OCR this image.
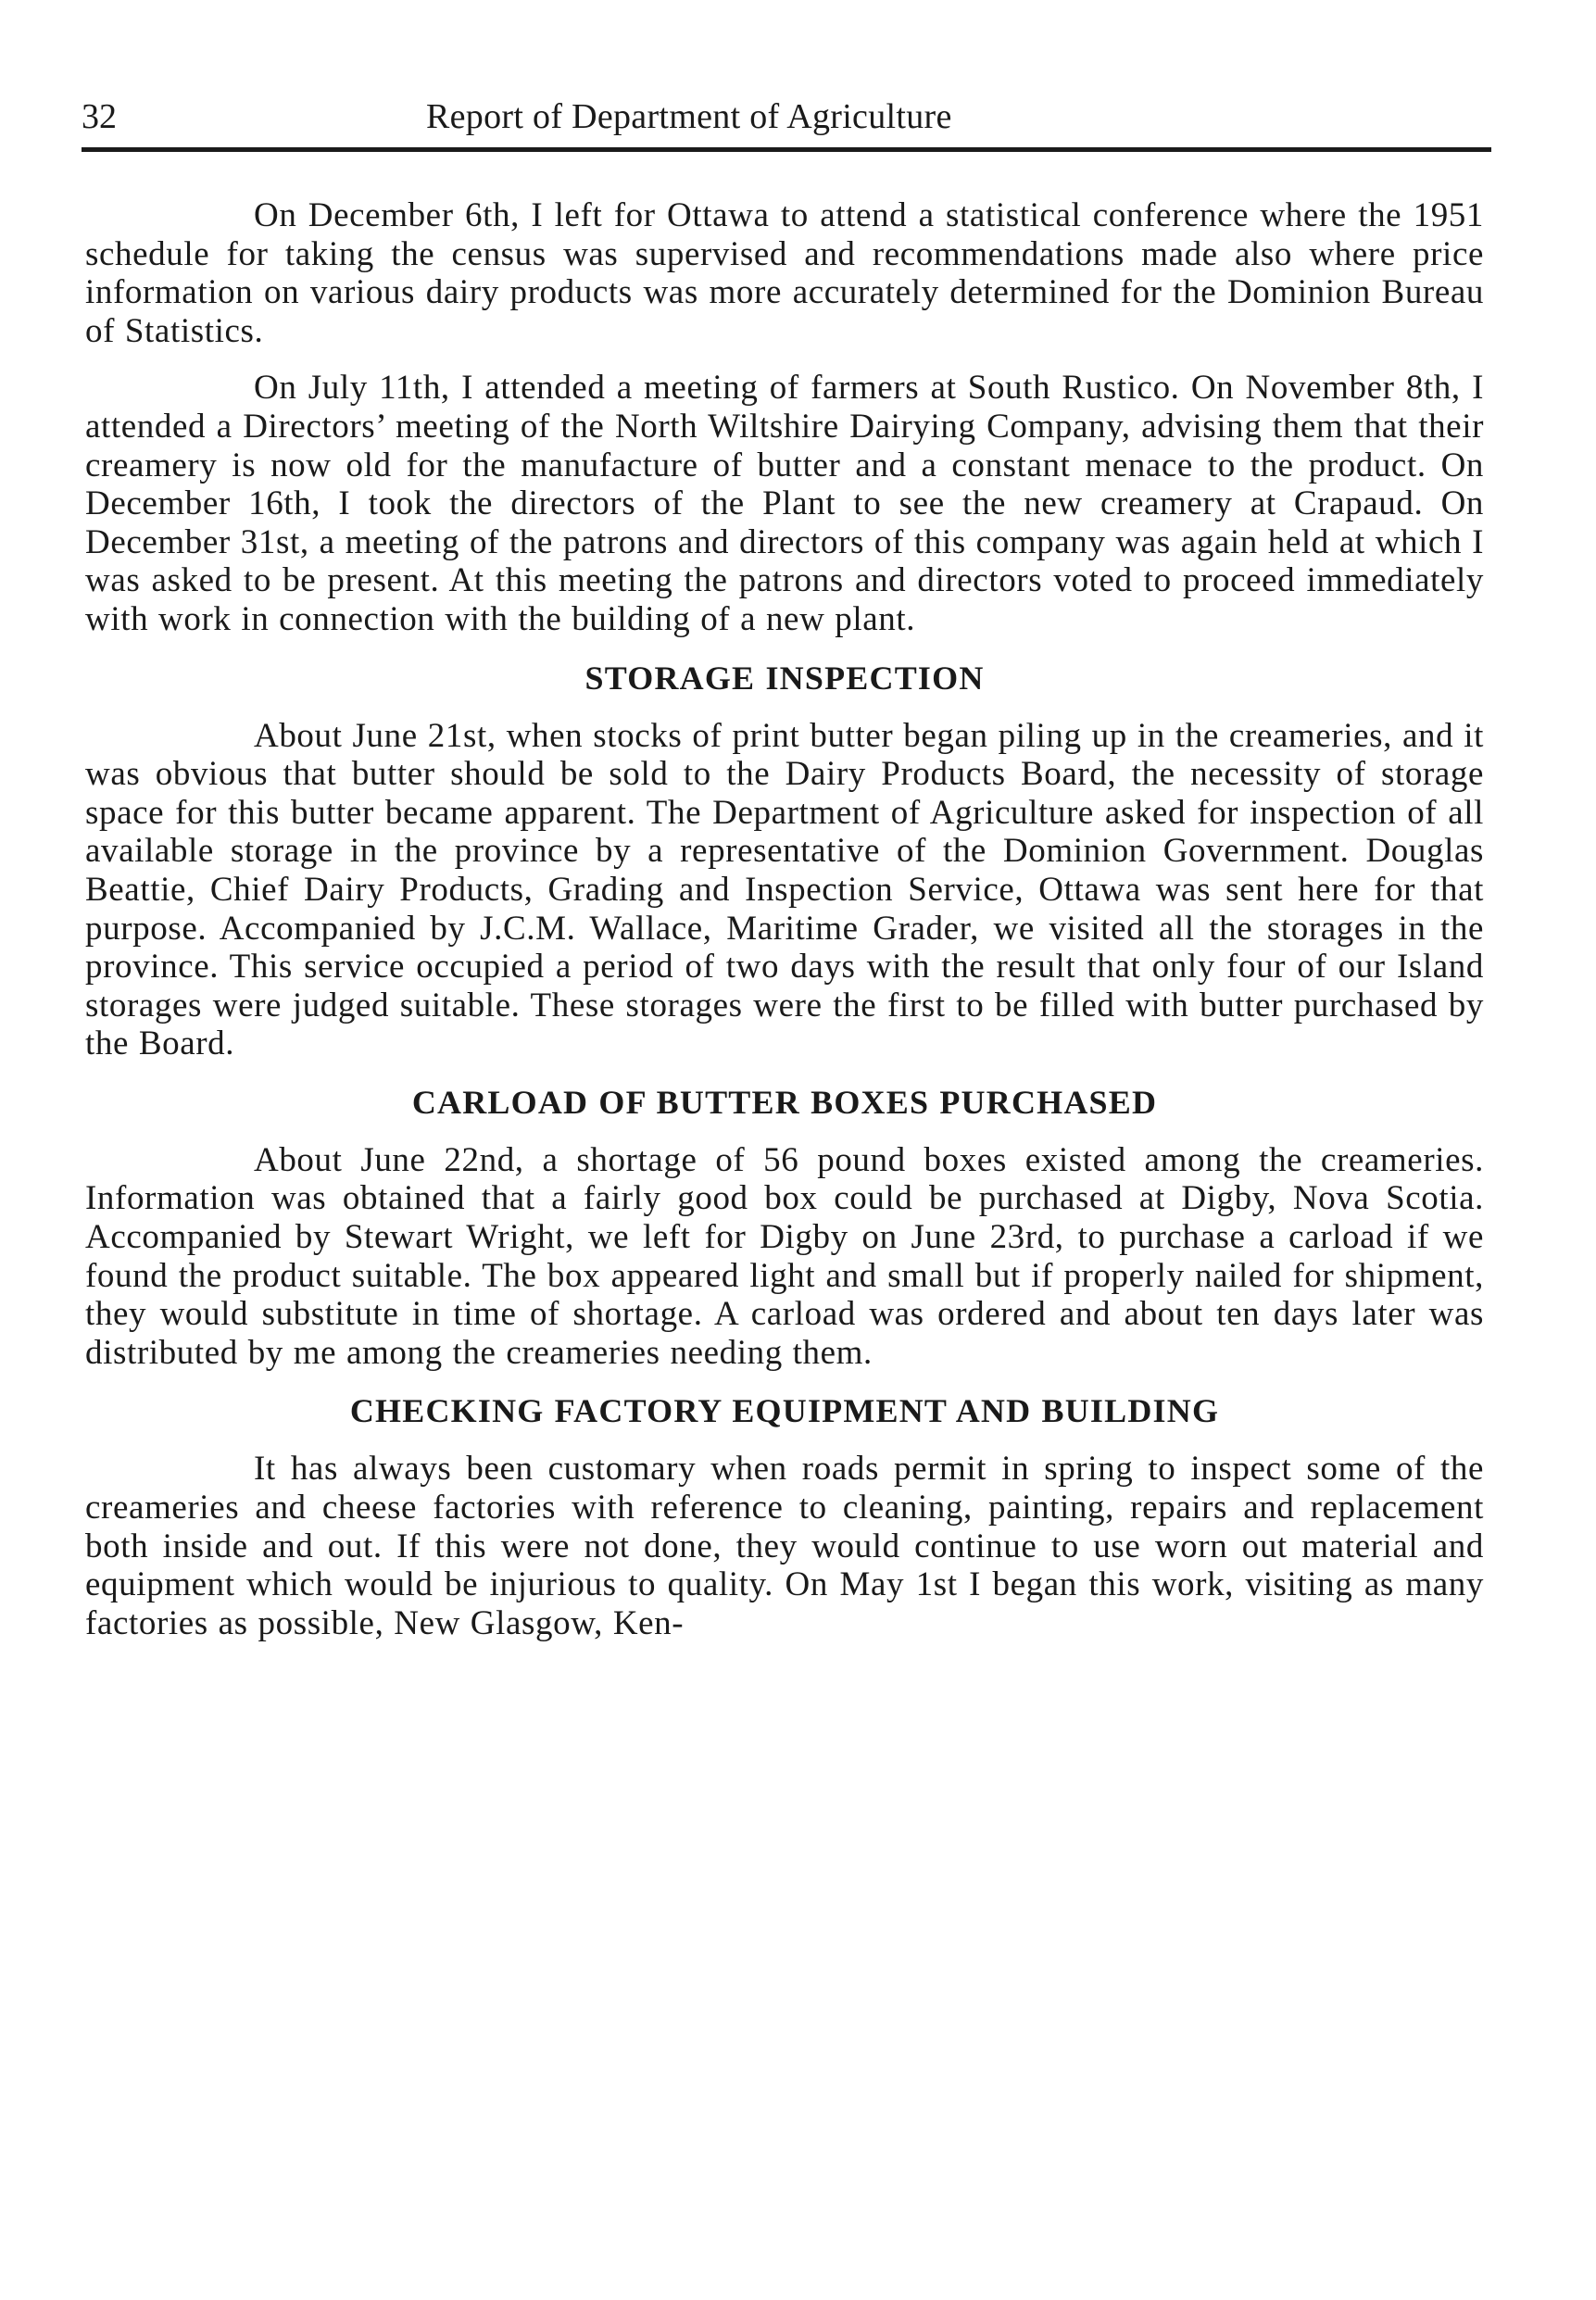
32	Report of Department of Agriculture

On December 6th, I left for Ottawa to attend a statistical conference where the 1951 schedule for taking the census was supervised and recommendations made also where price information on various dairy products was more accurately determined for the Dominion Bureau of Statistics.

On July 11th, I attended a meeting of farmers at South Rustico. On November 8th, I attended a Directors’ meeting of the North Wiltshire Dairying Company, advising them that their creamery is now old for the manufacture of butter and a constant menace to the product. On December 16th, I took the directors of the Plant to see the new creamery at Crapaud. On December 31st, a meeting of the patrons and directors of this company was again held at which I was asked to be present. At this meeting the patrons and directors voted to proceed immediately with work in connection with the building of a new plant.

STORAGE INSPECTION

About June 21st, when stocks of print butter began piling up in the creameries, and it was obvious that butter should be sold to the Dairy Products Board, the necessity of storage space for this butter became apparent. The Department of Agriculture asked for inspection of all available storage in the province by a representative of the Dominion Government. Douglas Beattie, Chief Dairy Products, Grading and Inspection Service, Ottawa was sent here for that purpose. Accompanied by J.C.M. Wallace, Maritime Grader, we visited all the storages in the province. This service occupied a period of two days with the result that only four of our Island storages were judged suitable. These storages were the first to be filled with butter purchased by the Board.

CARLOAD OF BUTTER BOXES PURCHASED

About June 22nd, a shortage of 56 pound boxes existed among the creameries. Information was obtained that a fairly good box could be purchased at Digby, Nova Scotia. Accompanied by Stewart Wright, we left for Digby on June 23rd, to purchase a carload if we found the product suitable. The box appeared light and small but if properly nailed for shipment, they would substitute in time of shortage. A carload was ordered and about ten days later was distributed by me among the creameries needing them.

CHECKING FACTORY EQUIPMENT AND BUILDING

It has always been customary when roads permit in spring to inspect some of the creameries and cheese factories with reference to cleaning, painting, repairs and replacement both inside and out. If this were not done, they would continue to use worn out material and equipment which would be injurious to quality. On May 1st I began this work, visiting as many factories as possible, New Glasgow, Ken-
